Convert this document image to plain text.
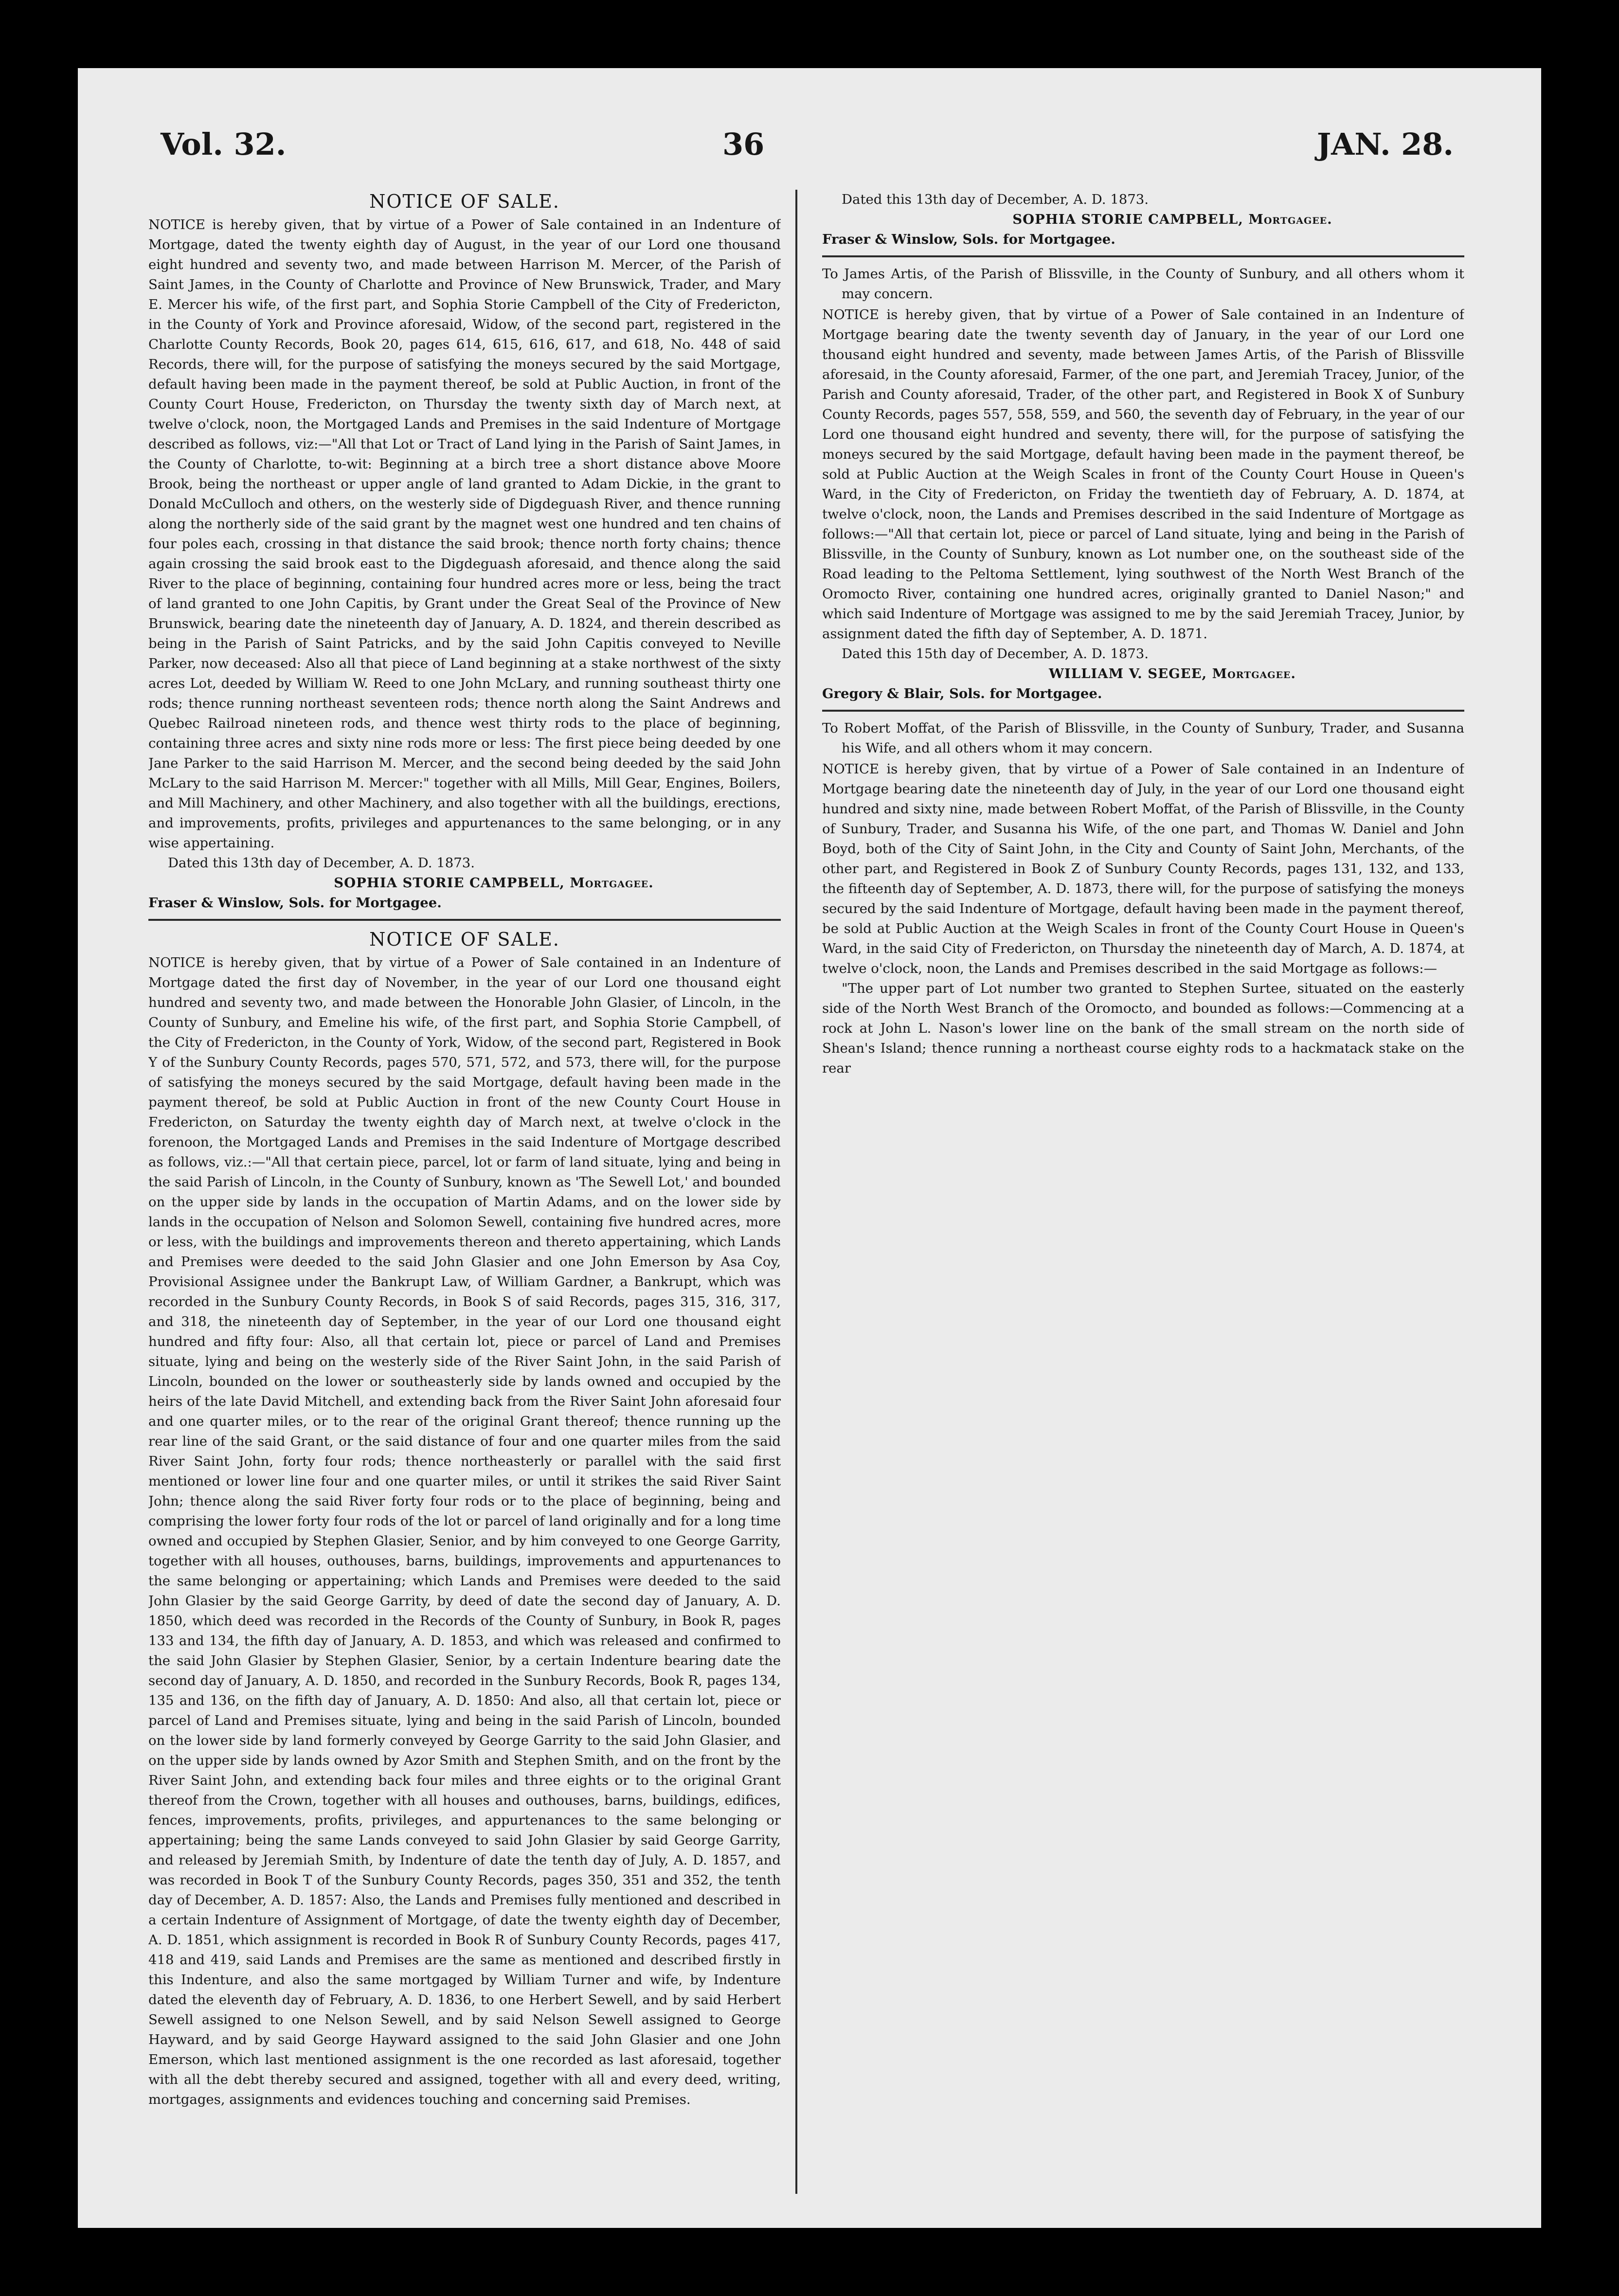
Vol. 32.	36	JAN. 28.
NOTICE OF SALE.
NOTICE is hereby given, that by virtue of a Power of Sale contained in an Indenture of Mortgage, dated the twenty eighth day of August, in the year of our Lord one thousand eight hundred and seventy two, and made between Harrison M. Mercer, of the Parish of Saint James, in the County of Charlotte and Province of New Brunswick, Trader, and Mary E. Mercer his wife, of the first part, and Sophia Storie Campbell of the City of Fredericton, in the County of York and Province aforesaid, Widow, of the second part, registered in the Charlotte County Records, Book 20, pages 614, 615, 616, 617, and 618, No. 448 of said Records, there will, for the purpose of satisfying the moneys secured by the said Mortgage, default having been made in the payment thereof, be sold at Public Auction, in front of the County Court House, Fredericton, on Thursday the twenty sixth day of March next, at twelve o'clock, noon, the Mortgaged Lands and Premises in the said Indenture of Mortgage described as follows, viz:—"All that Lot or Tract of Land lying in the Parish of Saint James, in the County of Charlotte, to-wit: Beginning at a birch tree a short distance above Moore Brook, being the northeast or upper angle of land granted to Adam Dickie, in the grant to Donald McCulloch and others, on the westerly side of Digdeguash River, and thence running along the northerly side of the said grant by the magnet west one hundred and ten chains of four poles each, crossing in that distance the said brook; thence north forty chains; thence again crossing the said brook east to the Digdeguash aforesaid, and thence along the said River to the place of beginning, containing four hundred acres more or less, being the tract of land granted to one John Capitis, by Grant under the Great Seal of the Province of New Brunswick, bearing date the nineteenth day of January, A. D. 1824, and therein described as being in the Parish of Saint Patricks, and by the said John Capitis conveyed to Neville Parker, now deceased: Also all that piece of Land beginning at a stake northwest of the sixty acres Lot, deeded by William W. Reed to one John McLary, and running southeast thirty one rods; thence running northeast seventeen rods; thence north along the Saint Andrews and Quebec Railroad nineteen rods, and thence west thirty rods to the place of beginning, containing three acres and sixty nine rods more or less: The first piece being deeded by one Jane Parker to the said Harrison M. Mercer, and the second being deeded by the said John McLary to the said Harrison M. Mercer:" together with all Mills, Mill Gear, Engines, Boilers, and Mill Machinery, and other Machinery, and also together with all the buildings, erections, and improvements, profits, privileges and appurtenances to the same belonging, or in any wise appertaining.
Dated this 13th day of December, A. D. 1873.
SOPHIA STORIE CAMPBELL, Mortgagee.
Fraser & Winslow, Sols. for Mortgagee.
NOTICE OF SALE.
NOTICE is hereby given, that by virtue of a Power of Sale contained in an Indenture of Mortgage dated the first day of November, in the year of our Lord one thousand eight hundred and seventy two, and made between the Honorable John Glasier, of Lincoln, in the County of Sunbury, and Emeline his wife, of the first part, and Sophia Storie Campbell, of the City of Fredericton, in the County of York, Widow, of the second part, Registered in Book Y of the Sunbury County Records, pages 570, 571, 572, and 573, there will, for the purpose of satisfying the moneys secured by the said Mortgage, default having been made in the payment thereof, be sold at Public Auction in front of the new County Court House in Fredericton, on Saturday the twenty eighth day of March next, at twelve o'clock in the forenoon, the Mortgaged Lands and Premises in the said Indenture of Mortgage described as follows, viz.:—"All that certain piece, parcel, lot or farm of land situate, lying and being in the said Parish of Lincoln, in the County of Sunbury, known as 'The Sewell Lot,' and bounded on the upper side by lands in the occupation of Martin Adams, and on the lower side by lands in the occupation of Nelson and Solomon Sewell, containing five hundred acres, more or less, with the buildings and improvements thereon and thereto appertaining, which Lands and Premises were deeded to the said John Glasier and one John Emerson by Asa Coy, Provisional Assignee under the Bankrupt Law, of William Gardner, a Bankrupt, which was recorded in the Sunbury County Records, in Book S of said Records, pages 315, 316, 317, and 318, the nineteenth day of September, in the year of our Lord one thousand eight hundred and fifty four: Also, all that certain lot, piece or parcel of Land and Premises situate, lying and being on the westerly side of the River Saint John, in the said Parish of Lincoln, bounded on the lower or southeasterly side by lands owned and occupied by the heirs of the late David Mitchell, and extending back from the River Saint John aforesaid four and one quarter miles, or to the rear of the original Grant thereof; thence running up the rear line of the said Grant, or the said distance of four and one quarter miles from the said River Saint John, forty four rods; thence northeasterly or parallel with the said first mentioned or lower line four and one quarter miles, or until it strikes the said River Saint John; thence along the said River forty four rods or to the place of beginning, being and comprising the lower forty four rods of the lot or parcel of land originally and for a long time owned and occupied by Stephen Glasier, Senior, and by him conveyed to one George Garrity, together with all houses, outhouses, barns, buildings, improvements and appurtenances to the same belonging or appertaining; which Lands and Premises were deeded to the said John Glasier by the said George Garrity, by deed of date the second day of January, A. D. 1850, which deed was recorded in the Records of the County of Sunbury, in Book R, pages 133 and 134, the fifth day of January, A. D. 1853, and which was released and confirmed to the said John Glasier by Stephen Glasier, Senior, by a certain Indenture bearing date the second day of January, A. D. 1850, and recorded in the Sunbury Records, Book R, pages 134, 135 and 136, on the fifth day of January, A. D. 1850: And also, all that certain lot, piece or parcel of Land and Premises situate, lying and being in the said Parish of Lincoln, bounded on the lower side by land formerly conveyed by George Garrity to the said John Glasier, and on the upper side by lands owned by Azor Smith and Stephen Smith, and on the front by the River Saint John, and extending back four miles and three eights or to the original Grant thereof from the Crown, together with all houses and outhouses, barns, buildings, edifices, fences, improvements, profits, privileges, and appurtenances to the same belonging or appertaining; being the same Lands conveyed to said John Glasier by said George Garrity, and released by Jeremiah Smith, by Indenture of date the tenth day of July, A. D. 1857, and was recorded in Book T of the Sunbury County Records, pages 350, 351 and 352, the tenth day of December, A. D. 1857: Also, the Lands and Premises fully mentioned and described in a certain Indenture of Assignment of Mortgage, of date the twenty eighth day of December, A. D. 1851, which assignment is recorded in Book R of Sunbury County Records, pages 417, 418 and 419, said Lands and Premises are the same as mentioned and described firstly in this Indenture, and also the same mortgaged by William Turner and wife, by Indenture dated the eleventh day of February, A. D. 1836, to one Herbert Sewell, and by said Herbert Sewell assigned to one Nelson Sewell, and by said Nelson Sewell assigned to George Hayward, and by said George Hayward assigned to the said John Glasier and one John Emerson, which last mentioned assignment is the one recorded as last aforesaid, together with all the debt thereby secured and assigned, together with all and every deed, writing, mortgages, assignments and evidences touching and concerning said Premises.
Dated this 13th day of December, A. D. 1873.
SOPHIA STORIE CAMPBELL, Mortgagee.
Fraser & Winslow, Sols. for Mortgagee.
To James Artis, of the Parish of Blissville, in the County of Sunbury, and all others whom it may concern.
NOTICE is hereby given, that by virtue of a Power of Sale contained in an Indenture of Mortgage bearing date the twenty seventh day of January, in the year of our Lord one thousand eight hundred and seventy, made between James Artis, of the Parish of Blissville aforesaid, in the County aforesaid, Farmer, of the one part, and Jeremiah Tracey, Junior, of the Parish and County aforesaid, Trader, of the other part, and Registered in Book X of Sunbury County Records, pages 557, 558, 559, and 560, the seventh day of February, in the year of our Lord one thousand eight hundred and seventy, there will, for the purpose of satisfying the moneys secured by the said Mortgage, default having been made in the payment thereof, be sold at Public Auction at the Weigh Scales in front of the County Court House in Queen's Ward, in the City of Fredericton, on Friday the twentieth day of February, A. D. 1874, at twelve o'clock, noon, the Lands and Premises described in the said Indenture of Mortgage as follows:—"All that certain lot, piece or parcel of Land situate, lying and being in the Parish of Blissville, in the County of Sunbury, known as Lot number one, on the southeast side of the Road leading to the Peltoma Settlement, lying southwest of the North West Branch of the Oromocto River, containing one hundred acres, originally granted to Daniel Nason;" and which said Indenture of Mortgage was assigned to me by the said Jeremiah Tracey, Junior, by assignment dated the fifth day of September, A. D. 1871.
Dated this 15th day of December, A. D. 1873.
WILLIAM V. SEGEE, Mortgagee.
Gregory & Blair, Sols. for Mortgagee.
To Robert Moffat, of the Parish of Blissville, in the County of Sunbury, Trader, and Susanna his Wife, and all others whom it may concern.
NOTICE is hereby given, that by virtue of a Power of Sale contained in an Indenture of Mortgage bearing date the nineteenth day of July, in the year of our Lord one thousand eight hundred and sixty nine, made between Robert Moffat, of the Parish of Blissville, in the County of Sunbury, Trader, and Susanna his Wife, of the one part, and Thomas W. Daniel and John Boyd, both of the City of Saint John, in the City and County of Saint John, Merchants, of the other part, and Registered in Book Z of Sunbury County Records, pages 131, 132, and 133, the fifteenth day of September, A. D. 1873, there will, for the purpose of satisfying the moneys secured by the said Indenture of Mortgage, default having been made in the payment thereof, be sold at Public Auction at the Weigh Scales in front of the County Court House in Queen's Ward, in the said City of Fredericton, on Thursday the nineteenth day of March, A. D. 1874, at twelve o'clock, noon, the Lands and Premises described in the said Mortgage as follows:—
"The upper part of Lot number two granted to Stephen Surtee, situated on the easterly side of the North West Branch of the Oromocto, and bounded as follows:—Commencing at a rock at John L. Nason's lower line on the bank of the small stream on the north side of Shean's Island; thence running a northeast course eighty rods to a hackmatack stake on the rear
